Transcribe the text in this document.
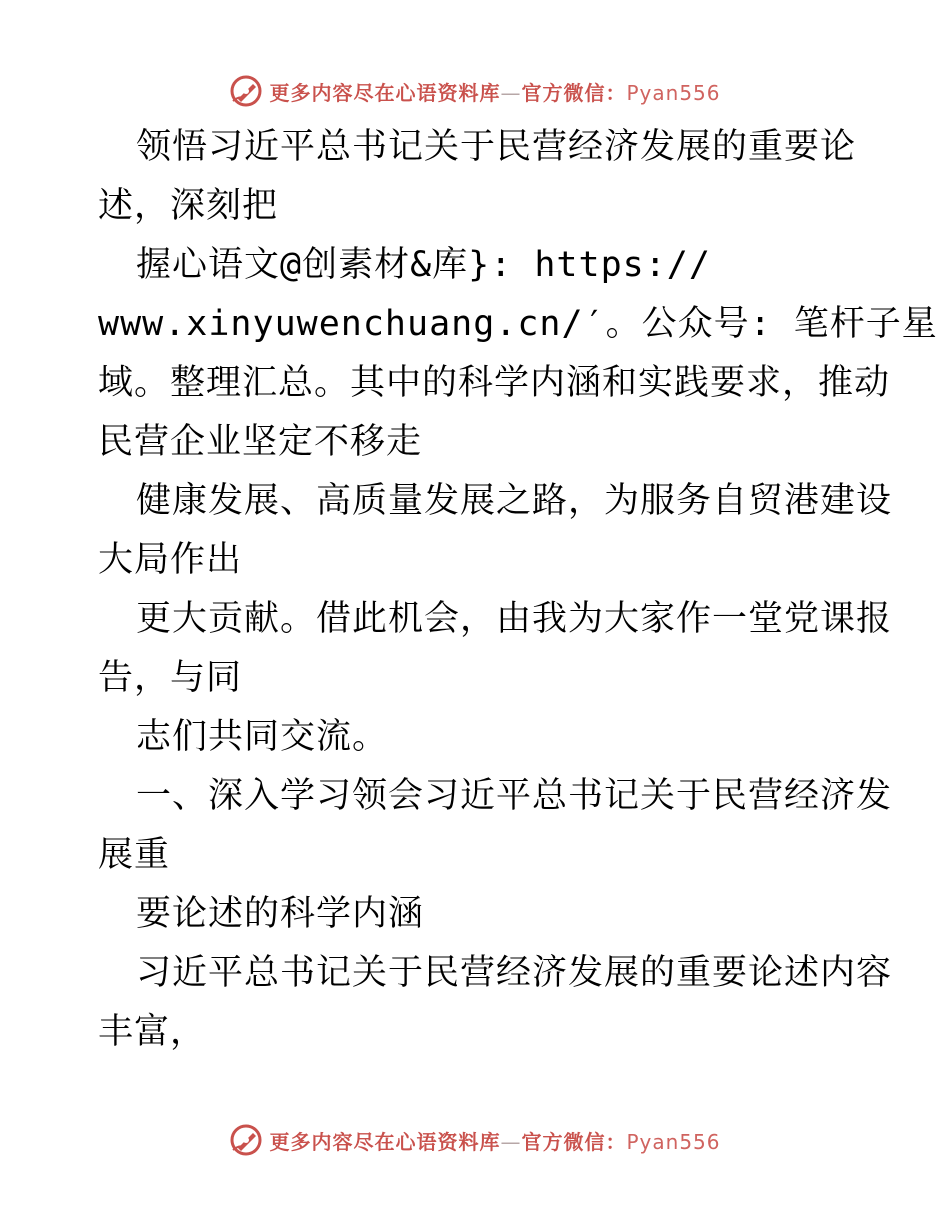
更多内容尽在心语资料库—官方微信：Pyan556
领悟习近平总书记关于民营经济发展的重要论
述，深刻把
握心语文@创素材&库}: https://
www.xinyuwenchuang.cn/′。公众号: 笔杆子星
域。整理汇总。其中的科学内涵和实践要求，推动
民营企业坚定不移走
健康发展、高质量发展之路，为服务自贸港建设
大局作出
更大贡献。借此机会，由我为大家作一堂党课报
告，与同
志们共同交流。
一、深入学习领会习近平总书记关于民营经济发
展重
要论述的科学内涵
习近平总书记关于民营经济发展的重要论述内容
丰富，
更多内容尽在心语资料库—官方微信：Pyan556
